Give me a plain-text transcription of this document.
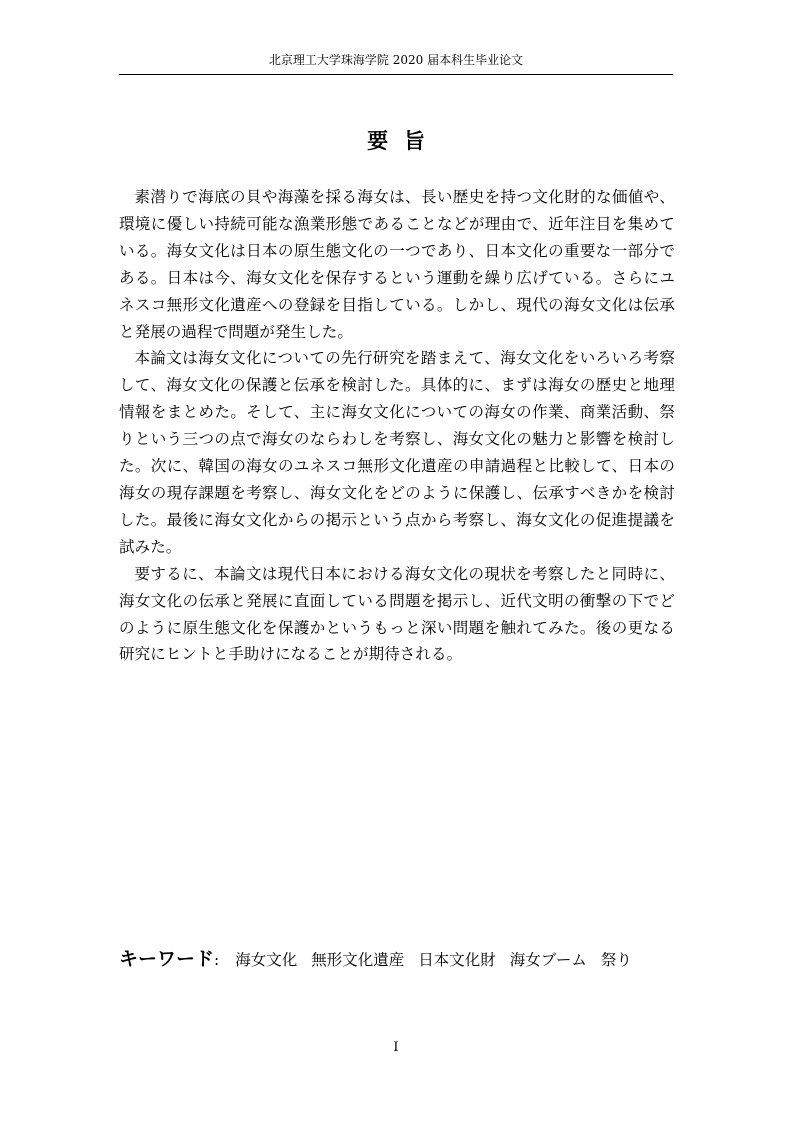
北京理工大学珠海学院 2020 届本科生毕业论文
要旨

素潜りで海底の貝や海藻を採る海女は、長い歴史を持つ文化財的な価値や、環境に優しい持続可能な漁業形態であることなどが理由で、近年注目を集めている。海女文化は日本の原生態文化の一つであり、日本文化の重要な一部分である。日本は今、海女文化を保存するという運動を繰り広げている。さらにユネスコ無形文化遺産への登録を目指している。しかし、現代の海女文化は伝承と発展の過程で問題が発生した。

本論文は海女文化についての先行研究を踏まえて、海女文化をいろいろ考察して、海女文化の保護と伝承を検討した。具体的に、まずは海女の歴史と地理情報をまとめた。そして、主に海女文化についての海女の作業、商業活動、祭りという三つの点で海女のならわしを考察し、海女文化の魅力と影響を検討した。次に、韓国の海女のユネスコ無形文化遺産の申請過程と比較して、日本の海女の現存課題を考察し、海女文化をどのように保護し、伝承すべきかを検討した。最後に海女文化からの掲示という点から考察し、海女文化の促進提議を試みた。

要するに、本論文は現代日本における海女文化の現状を考察したと同時に、海女文化の伝承と発展に直面している問題を掲示し、近代文明の衝撃の下でどのように原生態文化を保護かというもっと深い問題を触れてみた。後の更なる研究にヒントと手助けになることが期待される。

キーワード: 海女文化 無形文化遺産 日本文化財 海女ブーム 祭り
I
